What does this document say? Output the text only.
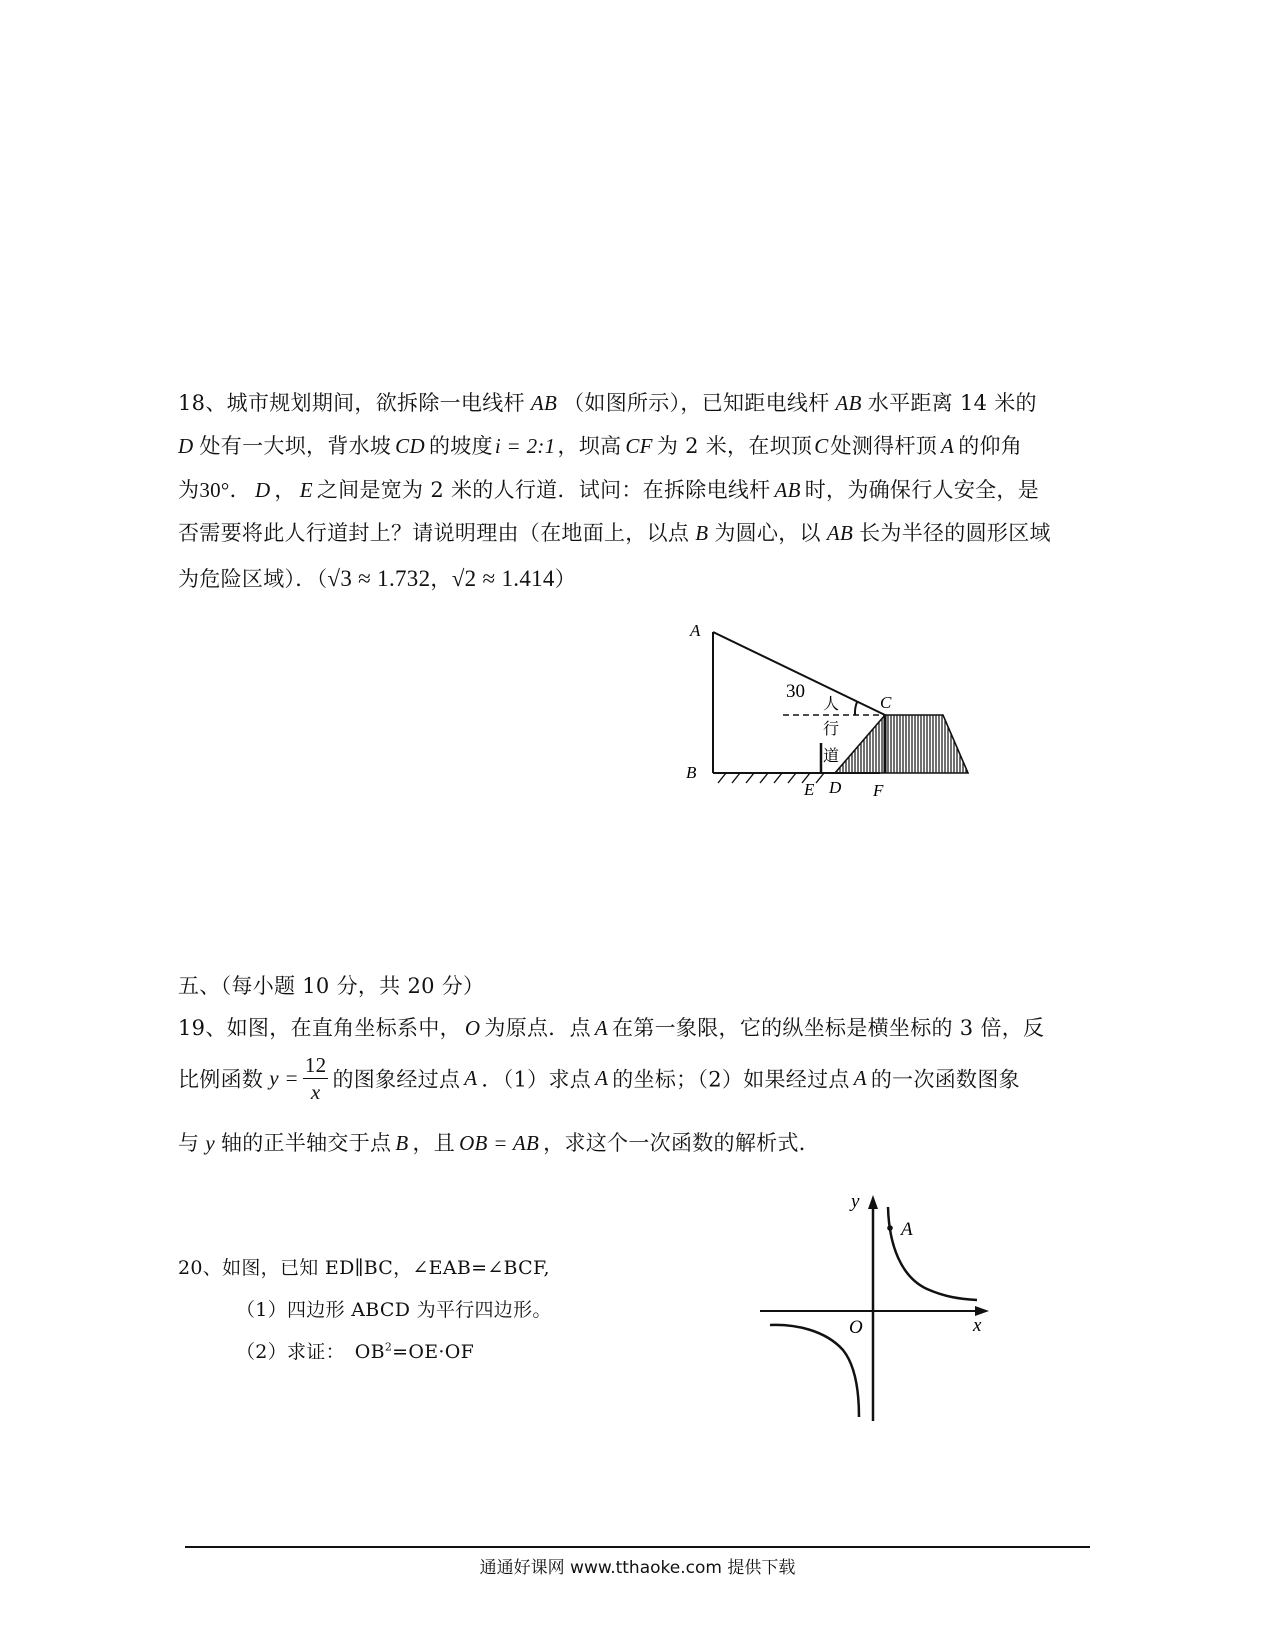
18、城市规划期间，欲拆除一电线杆 AB （如图所示），已知距电线杆 AB 水平距离 14 米的
D 处有一大坝，背水坡 CD 的坡度i = 2:1，坝高 CF 为 2 米，在坝顶C处测得杆顶 A 的仰角
为30°． D ， E 之间是宽为 2 米的人行道．试问：在拆除电线杆 AB 时，为确保行人安全，是
否需要将此人行道封上？请说明理由（在地面上，以点 B 为圆心，以 AB 长为半径的圆形区域
为危险区域）．（√3 ≈ 1.732，√2 ≈ 1.414）
A
B
C
E D F
30
人
行
道
五、（每小题 10 分，共 20 分）
19、如图，在直角坐标系中， O 为原点．点 A 在第一象限，它的纵坐标是横坐标的 3 倍，反
比例函数 $y = \frac{12}{x}$ 的图象经过点 A ．（1）求点 A 的坐标；（2）如果经过点 A 的一次函数图象
与 y 轴的正半轴交于点 B ，且 OB = AB ，求这个一次函数的解析式．
20、如图，已知 ED∥BC，∠EAB=∠BCF,
（1）四边形 ABCD 为平行四边形。
（2）求证：　$OB^2=OE\cdot OF$
y
x
O
A
通通好课网 www.tthaoke.com 提供下载
